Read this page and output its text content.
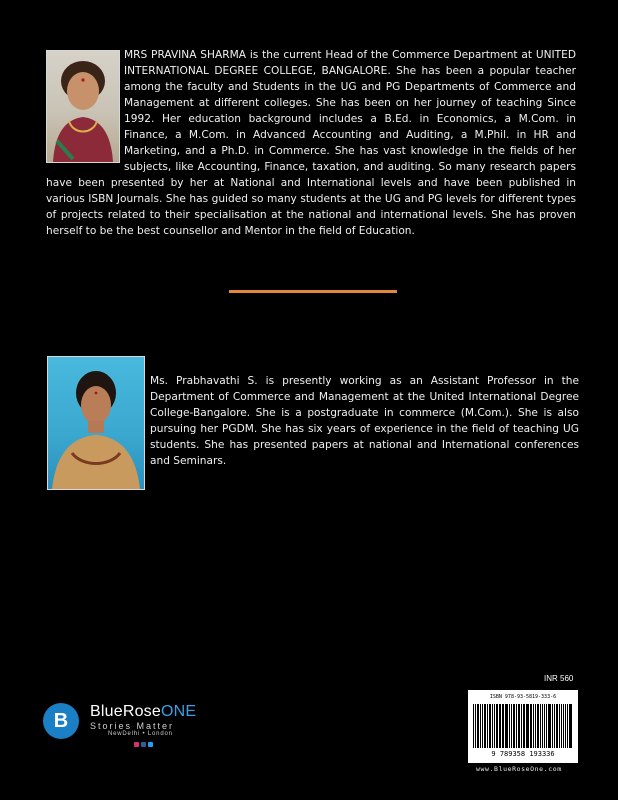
MRS PRAVINA SHARMA is the current Head of the Commerce Department at UNITED INTERNATIONAL DEGREE COLLEGE, BANGALORE. She has been a popular teacher among the faculty and Students in the UG and PG Departments of Commerce and Management at different colleges. She has been on her journey of teaching Since 1992. Her education background includes a B.Ed. in Economics, a M.Com. in Finance, a M.Com. in Advanced Accounting and Auditing, a M.Phil. in HR and Marketing, and a Ph.D. in Commerce. She has vast knowledge in the fields of her subjects, like Accounting, Finance, taxation, and auditing. So many research papers have been presented by her at National and International levels and have been published in various ISBN Journals. She has guided so many students at the UG and PG levels for different types of projects related to their specialisation at the national and international levels. She has proven herself to be the best counsellor and Mentor in the field of Education.
Ms. Prabhavathi S. is presently working as an Assistant Professor in the Department of Commerce and Management at the United International Degree College-Bangalore. She is a postgraduate in commerce (M.Com.). She is also pursuing her PGDM. She has six years of experience in the field of teaching UG students. She has presented papers at national and International conferences and Seminars.
B BlueRoseONE
Stories Matter
NewDelhi • London
INR 560
ISBN 978-93-5819-333-6
9 789358 193336
www.BlueRoseOne.com
